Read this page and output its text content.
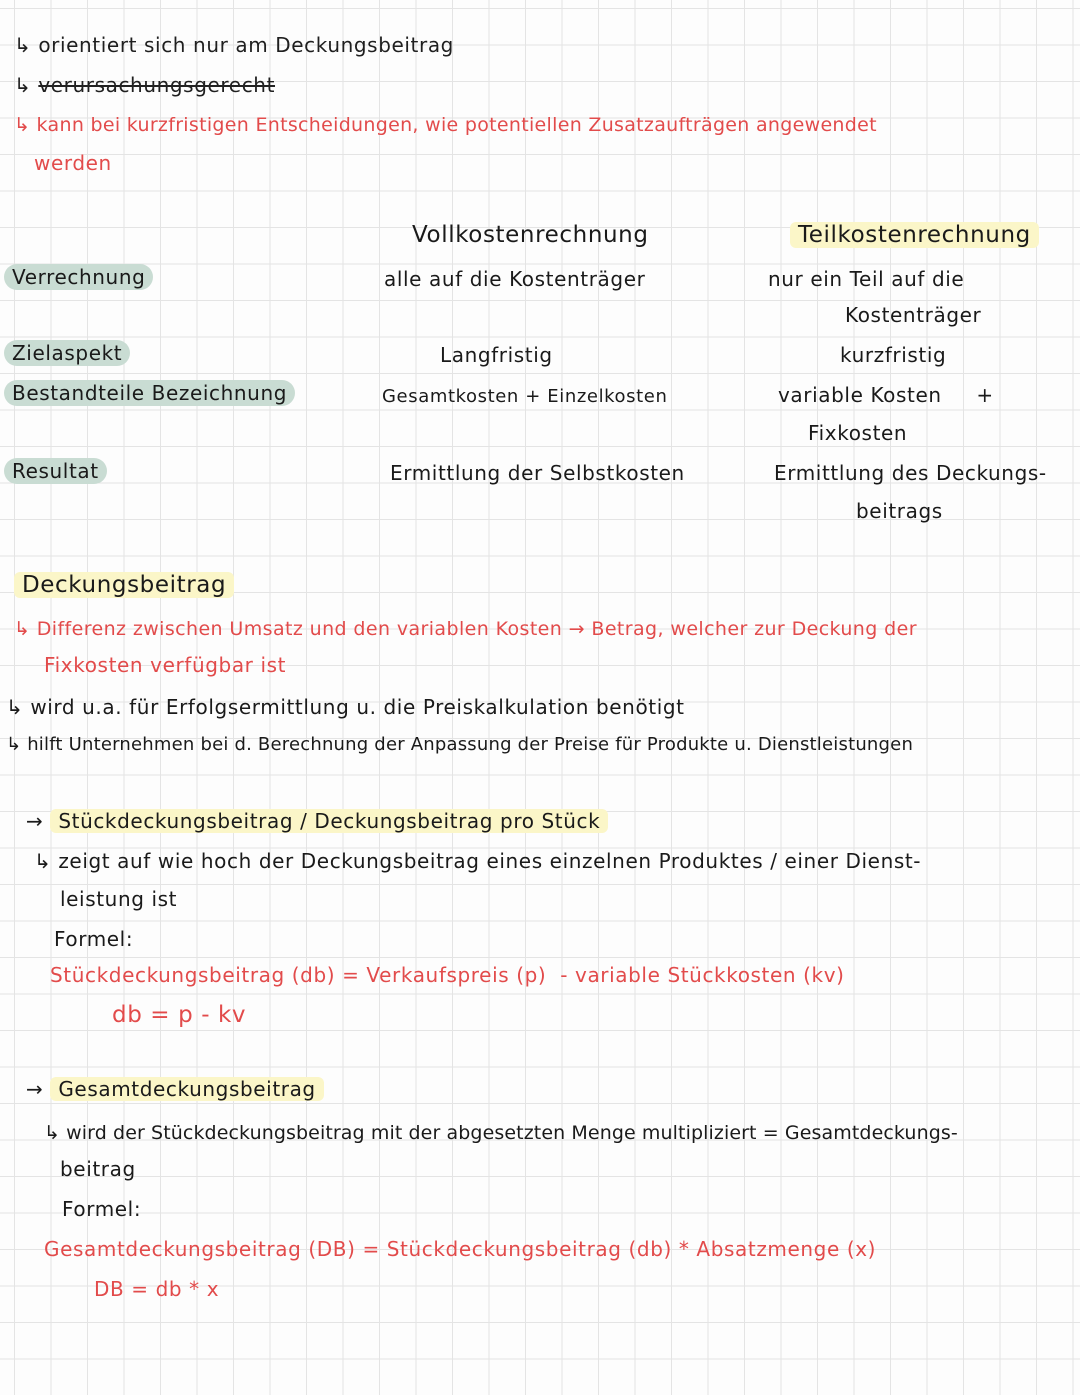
↳ orientiert sich nur am Deckungsbeitrag
↳ verursachungsgerecht
↳ kann bei kurzfristigen Entscheidungen, wie potentiellen Zusatzaufträgen angewendet
werden
Vollkostenrechnung	Teilkostenrechnung
Verrechnung	alle auf die Kostenträger	nur ein Teil auf die
Kostenträger
Zielaspekt	Langfristig	kurzfristig
Bestandteile Bezeichnung	Gesamtkosten + Einzelkosten	variable Kosten     +
Fixkosten
Resultat	Ermittlung der Selbstkosten	Ermittlung des Deckungs-
beitrags
Deckungsbeitrag
↳ Differenz zwischen Umsatz und den variablen Kosten → Betrag, welcher zur Deckung der
Fixkosten verfügbar ist
↳ wird u.a. für Erfolgsermittlung u. die Preiskalkulation benötigt
↳ hilft Unternehmen bei d. Berechnung der Anpassung der Preise für Produkte u. Dienstleistungen
→ Stückdeckungsbeitrag / Deckungsbeitrag pro Stück
↳ zeigt auf wie hoch der Deckungsbeitrag eines einzelnen Produktes / einer Dienst-
leistung ist
Formel:
Stückdeckungsbeitrag (db) = Verkaufspreis (p)  - variable Stückkosten (kv)
db = p - kv
→ Gesamtdeckungsbeitrag
↳ wird der Stückdeckungsbeitrag mit der abgesetzten Menge multipliziert = Gesamtdeckungs-
beitrag
Formel:
Gesamtdeckungsbeitrag (DB) = Stückdeckungsbeitrag (db) * Absatzmenge (x)
DB = db * x
